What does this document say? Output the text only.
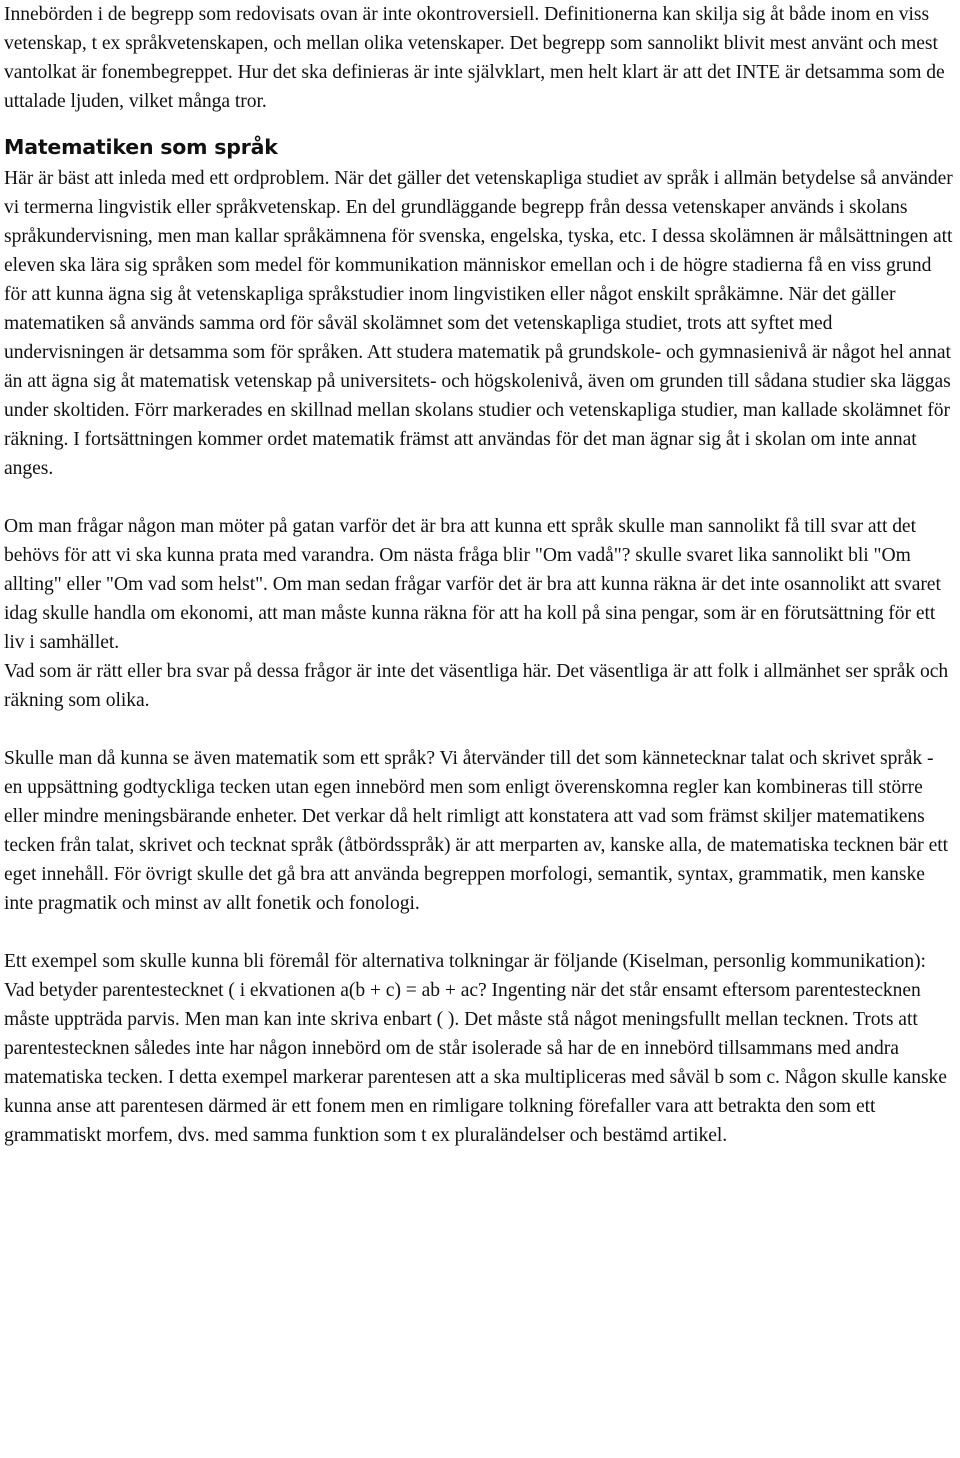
Innebörden i de begrepp som redovisats ovan är inte okontroversiell. Definitionerna kan skilja sig åt både inom en viss vetenskap, t ex språkvetenskapen, och mellan olika vetenskaper. Det begrepp som sannolikt blivit mest använt och mest vantolkat är fonembegreppet. Hur det ska definieras är inte självklart, men helt klart är att det INTE är detsamma som de uttalade ljuden, vilket många tror.

Matematiken som språk

Här är bäst att inleda med ett ordproblem. När det gäller det vetenskapliga studiet av språk i allmän betydelse så använder vi termerna lingvistik eller språkvetenskap. En del grundläggande begrepp från dessa vetenskaper används i skolans språkundervisning, men man kallar språkämnena för svenska, engelska, tyska, etc. I dessa skolämnen är målsättningen att eleven ska lära sig språken som medel för kommunikation människor emellan och i de högre stadierna få en viss grund för att kunna ägna sig åt vetenskapliga språkstudier inom lingvistiken eller något enskilt språkämne. När det gäller matematiken så används samma ord för såväl skolämnet som det vetenskapliga studiet, trots att syftet med undervisningen är detsamma som för språken. Att studera matematik på grundskole- och gymnasienivå är något hel annat än att ägna sig åt matematisk vetenskap på universitets- och högskolenivå, även om grunden till sådana studier ska läggas under skoltiden. Förr markerades en skillnad mellan skolans studier och vetenskapliga studier, man kallade skolämnet för räkning. I fortsättningen kommer ordet matematik främst att användas för det man ägnar sig åt i skolan om inte annat anges.

Om man frågar någon man möter på gatan varför det är bra att kunna ett språk skulle man sannolikt få till svar att det behövs för att vi ska kunna prata med varandra. Om nästa fråga blir "Om vadå"? skulle svaret lika sannolikt bli "Om allting" eller "Om vad som helst". Om man sedan frågar varför det är bra att kunna räkna är det inte osannolikt att svaret idag skulle handla om ekonomi, att man måste kunna räkna för att ha koll på sina pengar, som är en förutsättning för ett liv i samhället.

Vad som är rätt eller bra svar på dessa frågor är inte det väsentliga här. Det väsentliga är att folk i allmänhet ser språk och räkning som olika.

Skulle man då kunna se även matematik som ett språk? Vi återvänder till det som kännetecknar talat och skrivet språk - en uppsättning godtyckliga tecken utan egen innebörd men som enligt överenskomna regler kan kombineras till större eller mindre meningsbärande enheter. Det verkar då helt rimligt att konstatera att vad som främst skiljer matematikens tecken från talat, skrivet och tecknat språk (åtbördsspråk) är att merparten av, kanske alla, de matematiska tecknen bär ett eget innehåll. För övrigt skulle det gå bra att använda begreppen morfologi, semantik, syntax, grammatik, men kanske inte pragmatik och minst av allt fonetik och fonologi.

Ett exempel som skulle kunna bli föremål för alternativa tolkningar är följande (Kiselman, personlig kommunikation):

Vad betyder parentestecknet ( i ekvationen a(b + c) = ab + ac? Ingenting när det står ensamt eftersom parentestecknen måste uppträda parvis. Men man kan inte skriva enbart ( ). Det måste stå något meningsfullt mellan tecknen. Trots att parentestecknen således inte har någon innebörd om de står isolerade så har de en innebörd tillsammans med andra matematiska tecken. I detta exempel markerar parentesen att a ska multipliceras med såväl b som c. Någon skulle kanske kunna anse att parentesen därmed är ett fonem men en rimligare tolkning förefaller vara att betrakta den som ett grammatiskt morfem, dvs. med samma funktion som t ex pluraländelser och bestämd artikel.
